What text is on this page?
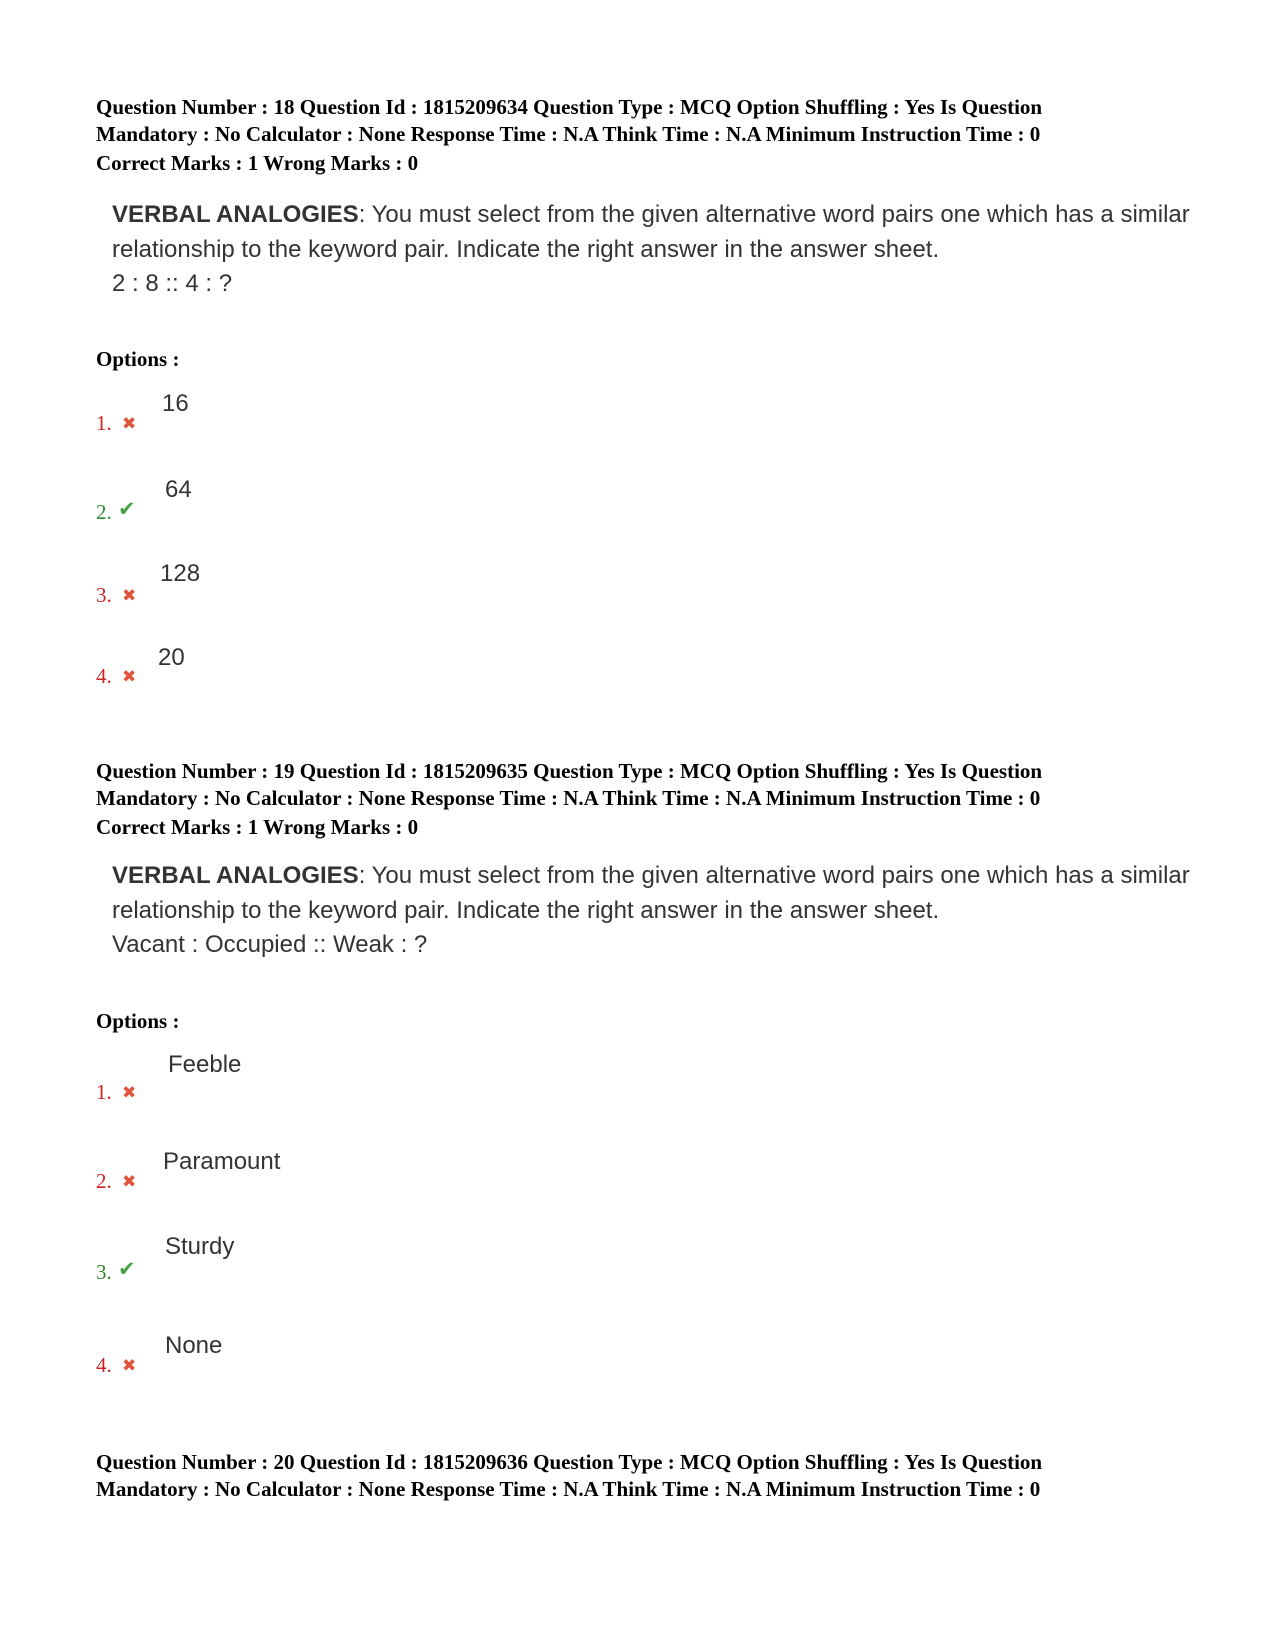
Question Number : 18 Question Id : 1815209634 Question Type : MCQ Option Shuffling : Yes Is Question
Mandatory : No Calculator : None Response Time : N.A Think Time : N.A Minimum Instruction Time : 0
Correct Marks : 1 Wrong Marks : 0
VERBAL ANALOGIES: You must select from the given alternative word pairs one which has a similar relationship to the keyword pair. Indicate the right answer in the answer sheet.
2 : 8 :: 4 : ?
Options :
1. ✖
16
2. ✔
64
3. ✖
128
4. ✖
20
Question Number : 19 Question Id : 1815209635 Question Type : MCQ Option Shuffling : Yes Is Question
Mandatory : No Calculator : None Response Time : N.A Think Time : N.A Minimum Instruction Time : 0
Correct Marks : 1 Wrong Marks : 0
VERBAL ANALOGIES: You must select from the given alternative word pairs one which has a similar relationship to the keyword pair. Indicate the right answer in the answer sheet.
Vacant : Occupied :: Weak : ?
Options :
1. ✖
Feeble
2. ✖
Paramount
3. ✔
Sturdy
4. ✖
None
Question Number : 20 Question Id : 1815209636 Question Type : MCQ Option Shuffling : Yes Is Question
Mandatory : No Calculator : None Response Time : N.A Think Time : N.A Minimum Instruction Time : 0
